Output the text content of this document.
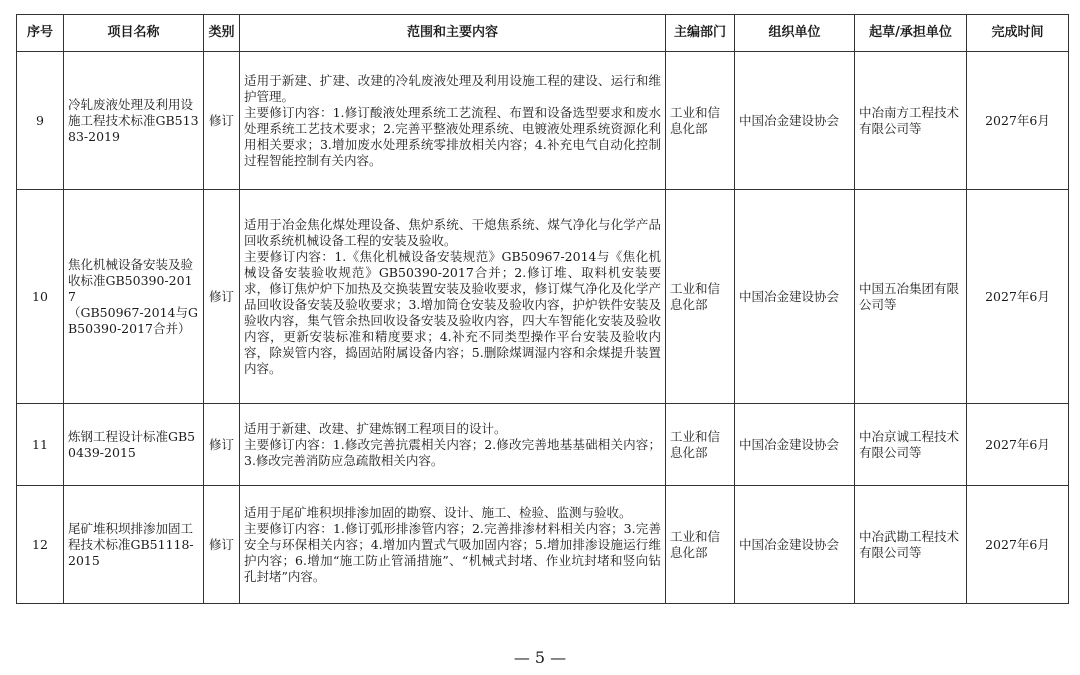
序号	项目名称	类别	范围和主要内容	主编部门	组织单位	起草/承担单位	完成时间
9	冷轧废液处理及利用设施工程技术标准GB51383-2019	修订	适用于新建、扩建、改建的冷轧废液处理及利用设施工程的建设、运行和维护管理。
主要修订内容：1.修订酸液处理系统工艺流程、布置和设备选型要求和废水处理系统工艺技术要求；2.完善平整液处理系统、电镀液处理系统资源化利用相关要求；3.增加废水处理系统零排放相关内容；4.补充电气自动化控制过程智能控制有关内容。	工业和信息化部	中国冶金建设协会	中冶南方工程技术有限公司等	2027年6月
10	焦化机械设备安装及验收标准GB50390-2017
（GB50967-2014与GB50390-2017合并）	修订	适用于冶金焦化煤处理设备、焦炉系统、干熄焦系统、煤气净化与化学产品回收系统机械设备工程的安装及验收。
主要修订内容：1.《焦化机械设备安装规范》GB50967-2014与《焦化机械设备安装验收规范》GB50390-2017合并；2.修订堆、取料机安装要求，修订焦炉炉下加热及交换装置安装及验收要求，修订煤气净化及化学产品回收设备安装及验收要求；3.增加筒仓安装及验收内容，护炉铁件安装及验收内容，集气管余热回收设备安装及验收内容，四大车智能化安装及验收内容，更新安装标准和精度要求；4.补充不同类型操作平台安装及验收内容，除炭管内容，捣固站附属设备内容；5.删除煤调湿内容和余煤提升装置内容。	工业和信息化部	中国冶金建设协会	中国五冶集团有限公司等	2027年6月
11	炼钢工程设计标准GB50439-2015	修订	适用于新建、改建、扩建炼钢工程项目的设计。
主要修订内容：1.修改完善抗震相关内容；2.修改完善地基基础相关内容；3.修改完善消防应急疏散相关内容。	工业和信息化部	中国冶金建设协会	中冶京诚工程技术有限公司等	2027年6月
12	尾矿堆积坝排渗加固工程技术标准GB51118-2015	修订	适用于尾矿堆积坝排渗加固的勘察、设计、施工、检验、监测与验收。
主要修订内容：1.修订弧形排渗管内容；2.完善排渗材料相关内容；3.完善安全与环保相关内容；4.增加内置式气吸加固内容；5.增加排渗设施运行维护内容；6.增加“施工防止管涌措施”、“机械式封堵、作业坑封堵和竖向钻孔封堵”内容。	工业和信息化部	中国冶金建设协会	中冶武勘工程技术有限公司等	2027年6月
— 5 —
